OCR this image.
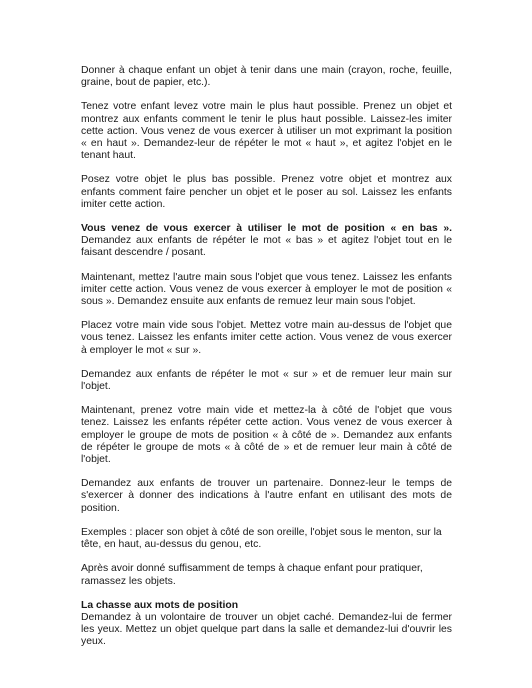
Donner à chaque enfant un objet à tenir dans une main (crayon, roche, feuille, graine, bout de papier, etc.).

Tenez votre enfant levez votre main le plus haut possible. Prenez un objet et montrez aux enfants comment le tenir le plus haut possible. Laissez-les imiter cette action. Vous venez de vous exercer à utiliser un mot exprimant la position « en haut ». Demandez-leur de répéter le mot « haut », et agitez l'objet en le tenant haut.

Posez votre objet le plus bas possible. Prenez votre objet et montrez aux enfants comment faire pencher un objet et le poser au sol. Laissez les enfants imiter cette action.

Vous venez de vous exercer à utiliser le mot de position « en bas ». Demandez aux enfants de répéter le mot « bas » et agitez l'objet tout en le faisant descendre / posant.

Maintenant, mettez l'autre main sous l'objet que vous tenez. Laissez les enfants imiter cette action. Vous venez de vous exercer à employer le mot de position « sous ». Demandez ensuite aux enfants de remuez leur main sous l'objet.

Placez votre main vide sous l'objet. Mettez votre main au-dessus de l'objet que vous tenez. Laissez les enfants imiter cette action. Vous venez de vous exercer à employer le mot « sur ».

Demandez aux enfants de répéter le mot « sur » et de remuer leur main sur l'objet.

Maintenant, prenez votre main vide et mettez-la à côté de l'objet que vous tenez. Laissez les enfants répéter cette action. Vous venez de vous exercer à employer le groupe de mots de position « à côté de ». Demandez aux enfants de répéter le groupe de mots « à côté de » et de remuer leur main à côté de l'objet.

Demandez aux enfants de trouver un partenaire. Donnez-leur le temps de s'exercer à donner des indications à l'autre enfant en utilisant des mots de position.

Exemples : placer son objet à côté de son oreille, l'objet sous le menton, sur la tête, en haut, au-dessus du genou, etc.

Après avoir donné suffisamment de temps à chaque enfant pour pratiquer, ramassez les objets.

La chasse aux mots de position

Demandez à un volontaire de trouver un objet caché. Demandez-lui de fermer les yeux. Mettez un objet quelque part dans la salle et demandez-lui d'ouvrir les yeux.
